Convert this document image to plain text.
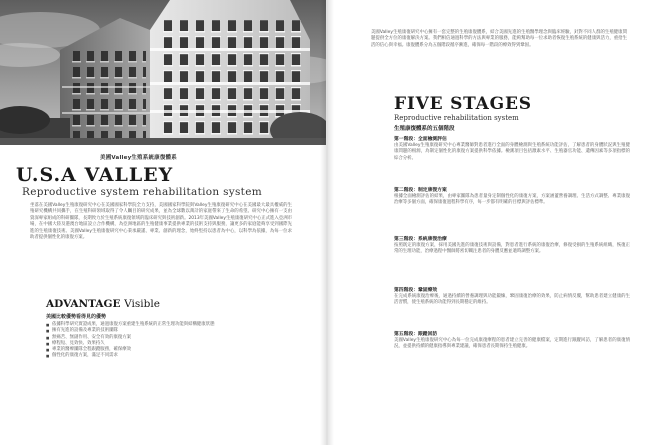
美國Valley生殖系統康復體系
U.S.A VALLEY
Reproductive system rehabilitation system
坐落在美國Valley生殖康復研究中心在美國國家科學院全力支持，美國國家科學院與Valley生殖康復研究中心在美國最大最具權威的生殖研究機構共同攜手，在生殖科研領域取得了令人矚目的研究成果，並為全球數以萬計的家庭帶來了生命的希望。研究中心擁有一支由資深專家組成的科研團隊，長期致力於生殖系統康復領域的臨床研究與技術創新。2013年美國Valley生殖康復研究中心正式進入亞洲市場，在中國大陸及港澳台地區設立合作機構，為亞洲地區的生殖健康事業提供專業的技術支持與服務，讓更多的家庭能夠享受到國際先進的生殖康復技術。美國Valley生殖康復研究中心秉承嚴謹、專業、創新的理念，始終堅持以患者為中心，以科學為依據，為每一位求助者提供個性化的康復方案。
ADVANTAGE Visible
美國比較優勢看得見的優勢
■ 依據科學研究實證成果，通過康復方案重建生殖系統的正常生理功能與結構健康狀態
■ 擁有先進的設備及專業的技術團隊
■ 無痛苦、無副作用、安全有效的康復方案
■ 療程短、見效快、效果持久
■ 專業的醫療團隊全程跟蹤服務，確保療效
■ 個性化的康復方案，滿足不同需求
美國Valley生殖康復研究中心擁有一套完整的生殖康復體系，結合美國先進的生殖醫學理念與臨床經驗，針對不同人群的生殖健康問題提供全方位的康復解決方案。我們相信通過科學的方法與專業的服務，能夠幫助每一位求助者恢復生殖系統的健康與活力，重拾生活的信心與幸福。康復體系分為五個階段循序漸進，確保每一階段的療效得到鞏固。
FIVE STAGES
Reproductive rehabilitation system
生殖康復體系的五個階段
第一階段：全面檢測評估
由美國Valley生殖康復研究中心專業醫師對患者進行全面的身體檢測與生殖系統功能評估，了解患者的身體狀況與生殖健康問題的根源，為制定個性化的康復方案提供科學依據。檢測項目包括激素水平、生殖器官功能、遺傳因素等多項指標的綜合分析。
第二階段：制定康復方案
根據全面檢測評估的結果，由專家團隊為患者量身定制個性化的康復方案，方案涵蓋營養調理、生活方式調整、專業康復治療等多個方面，確保康復過程科學有序，每一步都有明確的目標與評估標準。
第三階段：系統康復治療
按照既定的康復方案，採用美國先進的康復技術與設備，對患者進行系統的康復治療，修復受損的生殖系統組織，恢復正常的生理功能，治療過程中醫師將密切關注患者的身體反應並適時調整方案。
第四階段：鞏固療效
在完成系統康復治療後，通過持續的營養調理與功能鍛煉，鞏固康復治療的效果，防止病情反覆，幫助患者建立健康的生活習慣，使生殖系統的功能得到長期穩定的維持。
第五階段：跟蹤回訪
美國Valley生殖康復研究中心為每一位完成康復療程的患者建立完善的健康檔案，定期進行跟蹤回訪，了解患者的康復情況，並提供持續的健康指導與專業建議，確保患者長期保持生殖健康。
